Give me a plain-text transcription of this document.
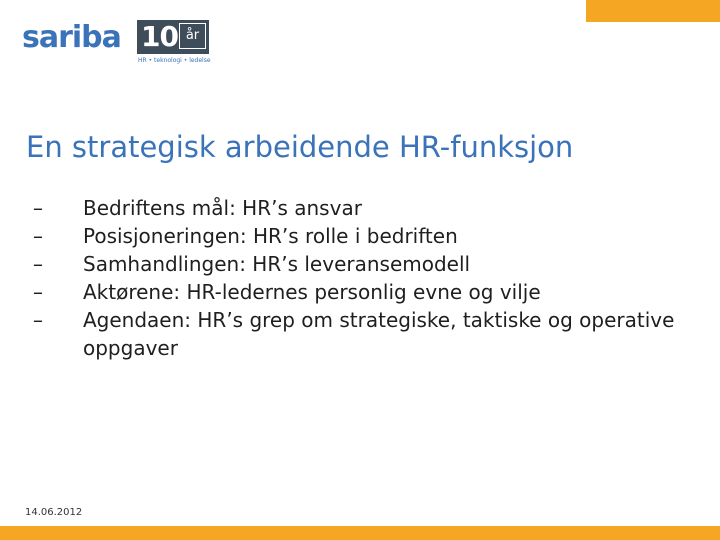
sariba 10 år
HR • teknologi • ledelse
En strategisk arbeidende HR-funksjon
–	Bedriftens mål: HR’s ansvar
–	Posisjoneringen: HR’s rolle i bedriften
–	Samhandlingen: HR’s leveransemodell
–	Aktørene: HR-ledernes personlig evne og vilje
–	Agendaen: HR’s grep om strategiske, taktiske og operative oppgaver
14.06.2012
